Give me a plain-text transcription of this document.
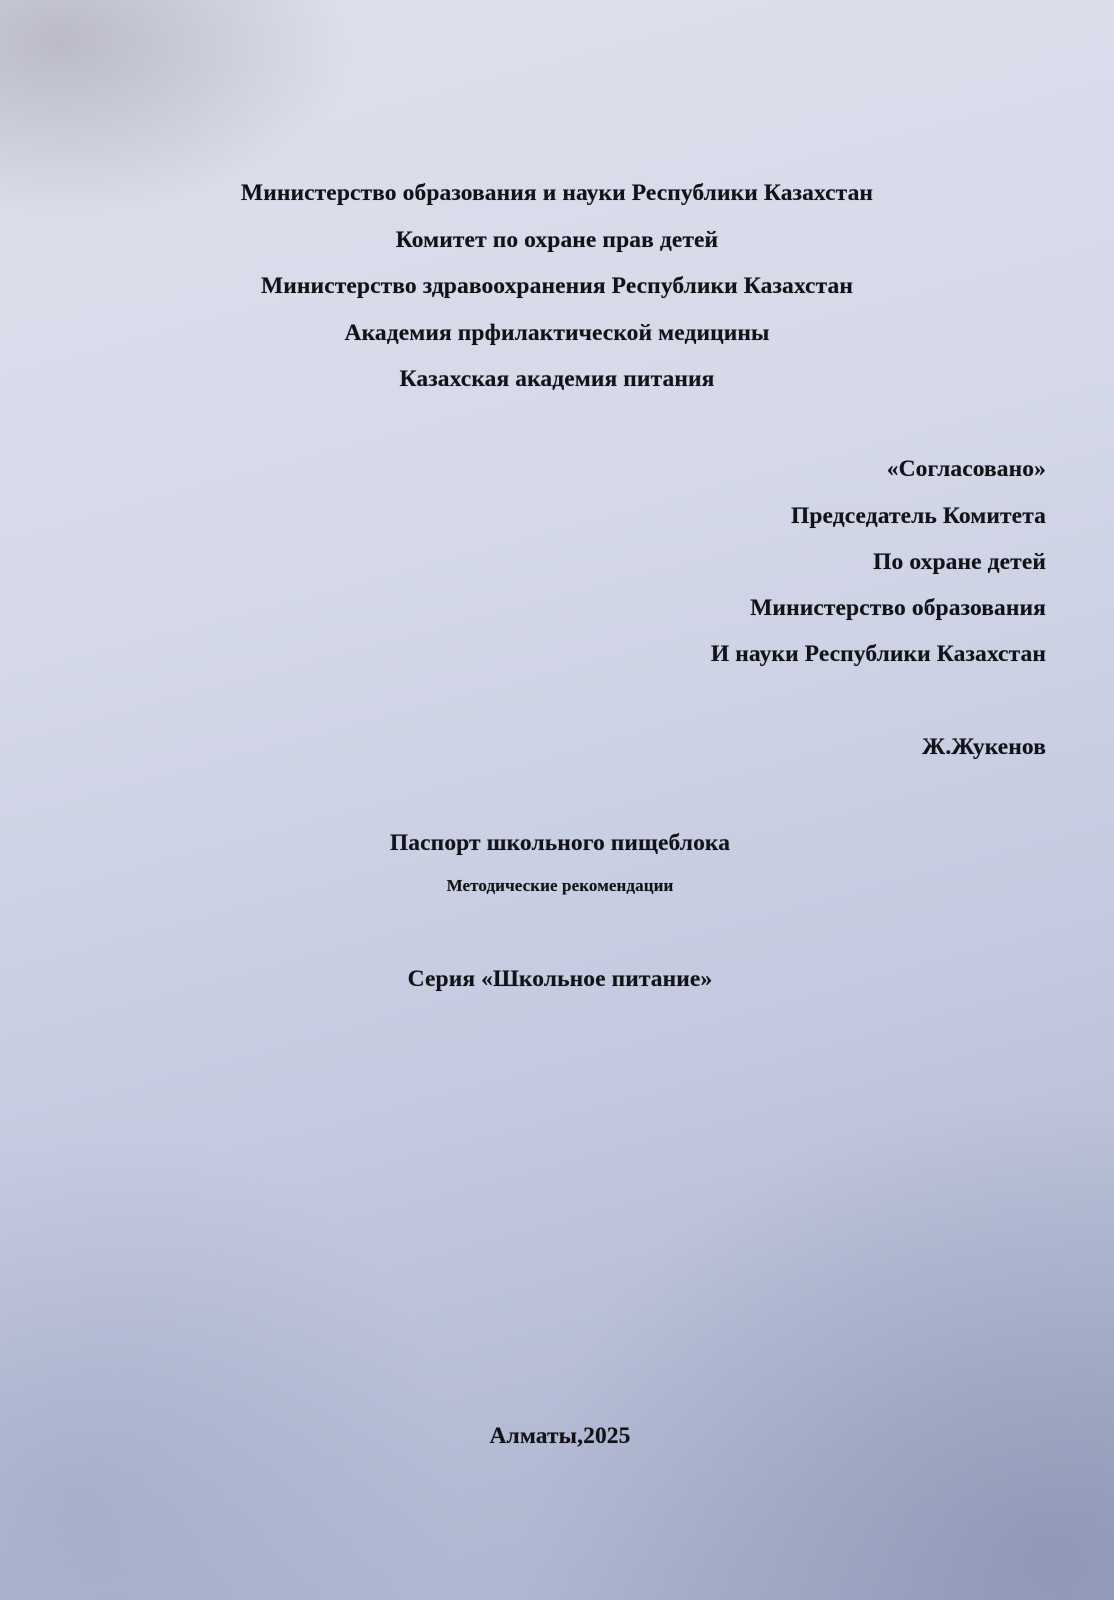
Министерство образования и науки Республики Казахстан
Комитет по охране прав детей
Министерство здравоохранения Республики Казахстан
Академия прфилактической медицины
Казахская академия питания
«Согласовано»
Председатель Комитета
По охране детей
Министерство образования
И науки Республики Казахстан
Ж.Жукенов
Паспорт школьного пищеблока
Методические рекомендации
Серия «Школьное питание»
Алматы,2025
